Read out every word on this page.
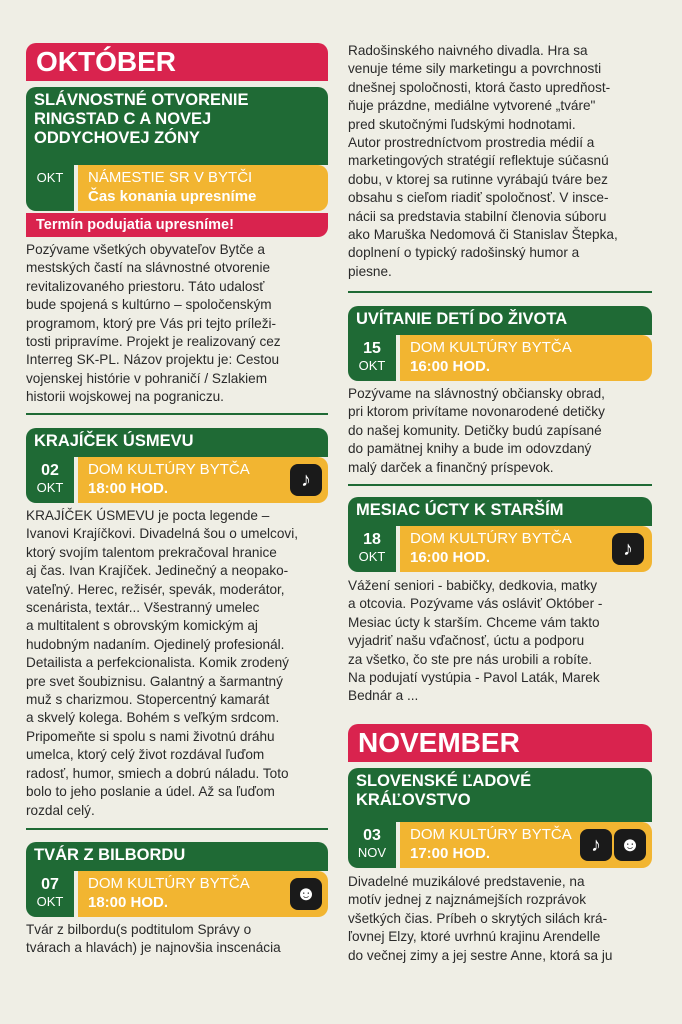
OKTÓBER
SLÁVNOSTNÉ OTVORENIE
RINGSTAD C A NOVEJ
ODDYCHOVEJ ZÓNY
OKT	NÁMESTIE SR V BYTČI
Čas konania upresníme
Termín podujatia upresníme!
Pozývame všetkých obyvateľov Bytče a
mestských častí na slávnostné otvorenie
revitalizovaného priestoru. Táto udalosť
bude spojená s kultúrno – spoločenským
programom, ktorý pre Vás pri tejto príleži-
tosti pripravíme. Projekt je realizovaný cez
Interreg SK-PL. Názov projektu je: Cestou
vojenskej histórie v pohraničí / Szlakiem
historii wojskowej na pograniczu.
KRAJÍČEK ÚSMEVU
02
OKT
DOM KULTÚRY BYTČA
18:00 HOD.	♪
KRAJÍČEK ÚSMEVU je pocta legende –
Ivanovi Krajíčkovi. Divadelná šou o umelcovi,
ktorý svojím talentom prekračoval hranice
aj čas. Ivan Krajíček. Jedinečný a neopako-
vateľný. Herec, režisér, spevák, moderátor,
scenárista, textár... Všestranný umelec
a multitalent s obrovským komickým aj
hudobným nadaním. Ojedinelý profesionál.
Detailista a perfekcionalista. Komik zrodený
pre svet šoubiznisu. Galantný a šarmantný
muž s charizmou. Stopercentný kamarát
a skvelý kolega. Bohém s veľkým srdcom.
Pripomeňte si spolu s nami životnú dráhu
umelca, ktorý celý život rozdával ľuďom
radosť, humor, smiech a dobrú náladu. Toto
bolo to jeho poslanie a údel. Až sa ľuďom
rozdal celý.
TVÁR Z BILBORDU
07
OKT
DOM KULTÚRY BYTČA
18:00 HOD.	☻
Tvár z bilbordu(s podtitulom Správy o
tvárach a hlavách) je najnovšia inscenácia
Radošinského naivného divadla. Hra sa
venuje téme sily marketingu a povrchnosti
dnešnej spoločnosti, ktorá často upredňost-
ňuje prázdne, mediálne vytvorené „tváre"
pred skutočnými ľudskými hodnotami.
Autor prostredníctvom prostredia médií a
marketingových stratégií reflektuje súčasnú
dobu, v ktorej sa rutinne vyrábajú tváre bez
obsahu s cieľom riadiť spoločnosť. V insce-
nácii sa predstavia stabilní členovia súboru
ako Maruška Nedomová či Stanislav Štepka,
doplnení o typický radošinský humor a
piesne.
UVÍTANIE DETÍ DO ŽIVOTA
15
OKT
DOM KULTÚRY BYTČA
16:00 HOD.
Pozývame na slávnostný občiansky obrad,
pri ktorom privítame novonarodené detičky
do našej komunity. Detičky budú zapísané
do pamätnej knihy a bude im odovzdaný
malý darček a finančný príspevok.
MESIAC ÚCTY K STARŠÍM
18
OKT
DOM KULTÚRY BYTČA
16:00 HOD.	♪
Vážení seniori - babičky, dedkovia, matky
a otcovia. Pozývame vás osláviť Október -
Mesiac úcty k starším. Chceme vám takto
vyjadriť našu vďačnosť, úctu a podporu
za všetko, čo ste pre nás urobili a robíte.
Na podujatí vystúpia - Pavol Laták, Marek
Bednár a ...
NOVEMBER
SLOVENSKÉ ĽADOVÉ
KRÁĽOVSTVO
03
NOV
DOM KULTÚRY BYTČA
17:00 HOD.	♪ ☻
Divadelné muzikálové predstavenie, na
motív jednej z najznámejších rozprávok
všetkých čias. Príbeh o skrytých silách krá-
ľovnej Elzy, ktoré uvrhnú krajinu Arendelle
do večnej zimy a jej sestre Anne, ktorá sa ju
